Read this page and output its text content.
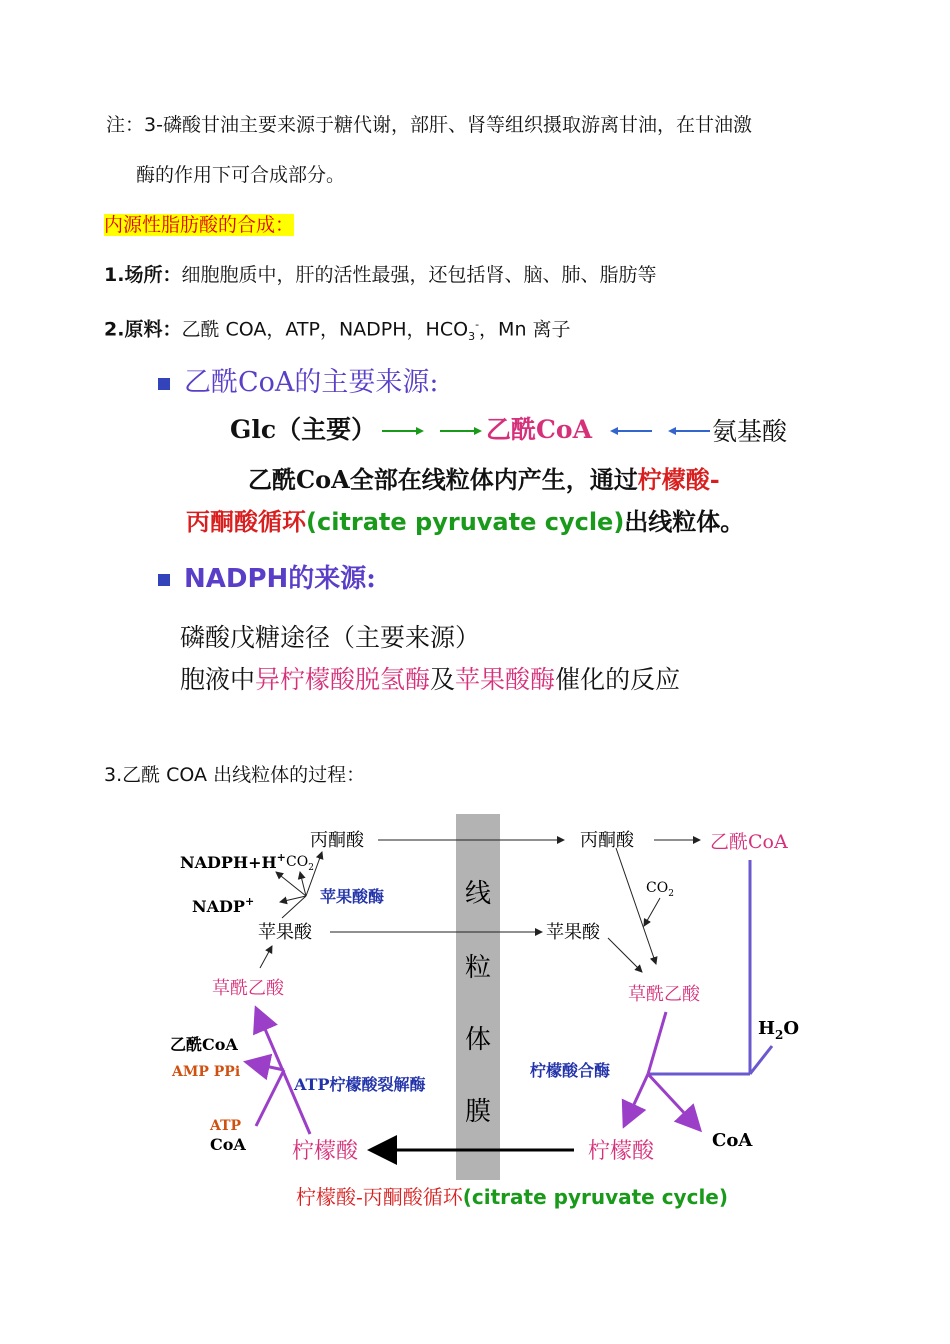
注：3-磷酸甘油主要来源于糖代谢，部肝、肾等组织摄取游离甘油，在甘油激
酶的作用下可合成部分。
内源性脂肪酸的合成：
1.场所：细胞胞质中，肝的活性最强，还包括肾、脑、肺、脂肪等
2.原料：乙酰 COA，ATP，NADPH，$HCO_3^-$，Mn 离子
乙酰CoA的主要来源:
Glc（主要）	乙酰CoA	氨基酸
乙酰CoA全部在线粒体内产生，通过柠檬酸-
丙酮酸循环(citrate pyruvate cycle)出线粒体。
NADPH的来源:
磷酸戊糖途径（主要来源）
胞液中异柠檬酸脱氢酶及苹果酸酶催化的反应
3.乙酰 COA 出线粒体的过程：
线
粒
体
膜
丙酮酸
NADPH+H+ $CO_2$
NADP+	苹果酸酶
苹果酸
草酰乙酸
乙酰CoA
AMP PPi
ATP柠檬酸裂解酶
ATP
CoA 柠檬酸
丙酮酸	乙酰CoA
$CO_2$
苹果酸
草酰乙酸
$H_2O$
柠檬酸合酶
柠檬酸	CoA
柠檬酸-丙酮酸循环(citrate pyruvate cycle)
